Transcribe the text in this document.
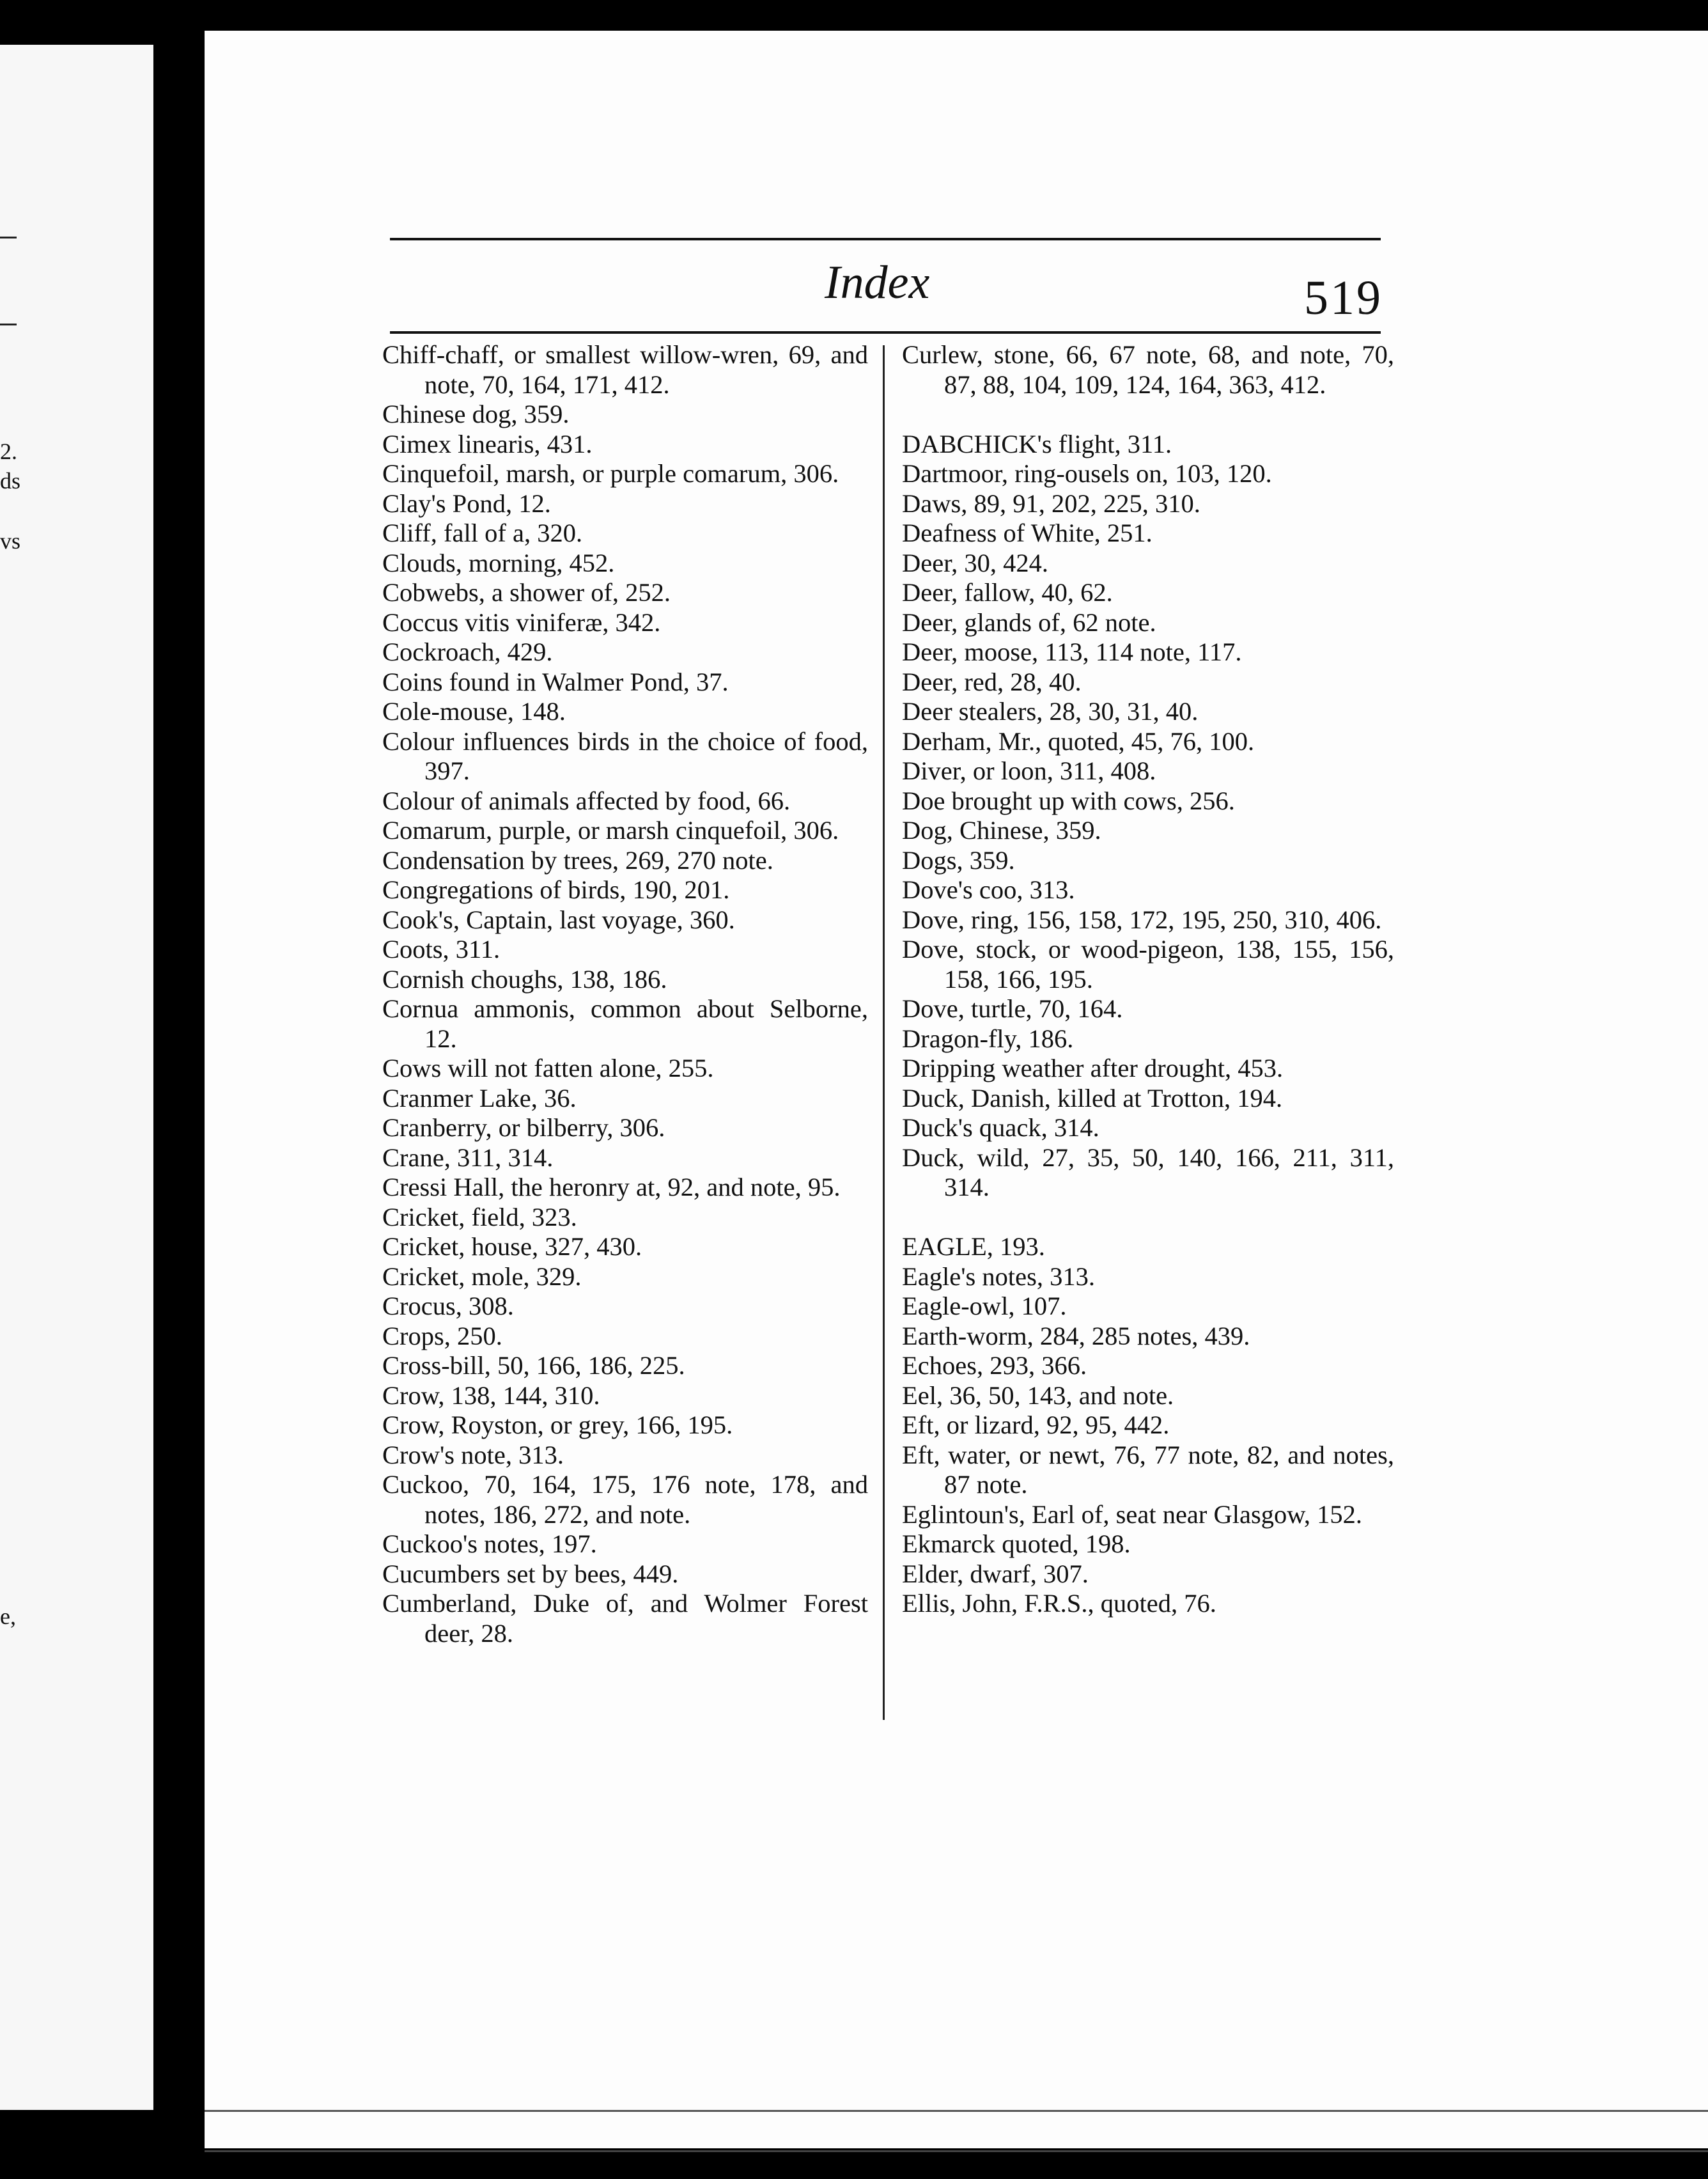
2.
ds
vs
e,
Index	519
Chiff-chaff, or smallest willow-wren, 69, and note, 70, 164, 171, 412.
Chinese dog, 359.
Cimex linearis, 431.
Cinquefoil, marsh, or purple comarum, 306.
Clay's Pond, 12.
Cliff, fall of a, 320.
Clouds, morning, 452.
Cobwebs, a shower of, 252.
Coccus vitis viniferæ, 342.
Cockroach, 429.
Coins found in Walmer Pond, 37.
Cole-mouse, 148.
Colour influences birds in the choice of food, 397.
Colour of animals affected by food, 66.
Comarum, purple, or marsh cinquefoil, 306.
Condensation by trees, 269, 270 note.
Congregations of birds, 190, 201.
Cook's, Captain, last voyage, 360.
Coots, 311.
Cornish choughs, 138, 186.
Cornua ammonis, common about Selborne, 12.
Cows will not fatten alone, 255.
Cranmer Lake, 36.
Cranberry, or bilberry, 306.
Crane, 311, 314.
Cressi Hall, the heronry at, 92, and note, 95.
Cricket, field, 323.
Cricket, house, 327, 430.
Cricket, mole, 329.
Crocus, 308.
Crops, 250.
Cross-bill, 50, 166, 186, 225.
Crow, 138, 144, 310.
Crow, Royston, or grey, 166, 195.
Crow's note, 313.
Cuckoo, 70, 164, 175, 176 note, 178, and notes, 186, 272, and note.
Cuckoo's notes, 197.
Cucumbers set by bees, 449.
Cumberland, Duke of, and Wolmer Forest deer, 28.
Curlew, stone, 66, 67 note, 68, and note, 70, 87, 88, 104, 109, 124, 164, 363, 412.
DABCHICK's flight, 311.
Dartmoor, ring-ousels on, 103, 120.
Daws, 89, 91, 202, 225, 310.
Deafness of White, 251.
Deer, 30, 424.
Deer, fallow, 40, 62.
Deer, glands of, 62 note.
Deer, moose, 113, 114 note, 117.
Deer, red, 28, 40.
Deer stealers, 28, 30, 31, 40.
Derham, Mr., quoted, 45, 76, 100.
Diver, or loon, 311, 408.
Doe brought up with cows, 256.
Dog, Chinese, 359.
Dogs, 359.
Dove's coo, 313.
Dove, ring, 156, 158, 172, 195, 250, 310, 406.
Dove, stock, or wood-pigeon, 138, 155, 156, 158, 166, 195.
Dove, turtle, 70, 164.
Dragon-fly, 186.
Dripping weather after drought, 453.
Duck, Danish, killed at Trotton, 194.
Duck's quack, 314.
Duck, wild, 27, 35, 50, 140, 166, 211, 311, 314.
EAGLE, 193.
Eagle's notes, 313.
Eagle-owl, 107.
Earth-worm, 284, 285 notes, 439.
Echoes, 293, 366.
Eel, 36, 50, 143, and note.
Eft, or lizard, 92, 95, 442.
Eft, water, or newt, 76, 77 note, 82, and notes, 87 note.
Eglintoun's, Earl of, seat near Glasgow, 152.
Ekmarck quoted, 198.
Elder, dwarf, 307.
Ellis, John, F.R.S., quoted, 76.
